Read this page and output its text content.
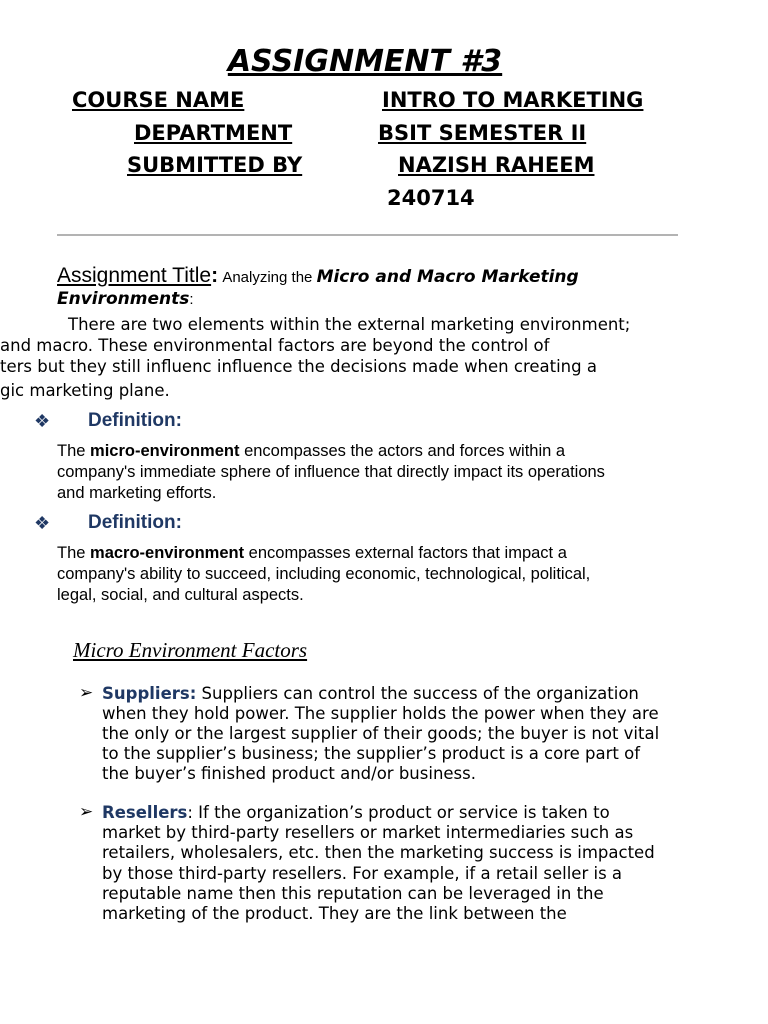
ASSIGNMENT #3
COURSE NAME	INTRO TO MARKETING
DEPARTMENT	BSIT SEMESTER II
SUBMITTED BY	NAZISH RAHEEM
240714
Assignment Title: Analyzing the Micro and Macro Marketing
Environments:
There are two elements within the external marketing environment;
and macro. These environmental factors are beyond the control of
ters but they still influenc influence the decisions made when creating a
gic marketing plane.
❖ Definition:
The micro-environment encompasses the actors and forces within a
company's immediate sphere of influence that directly impact its operations
and marketing efforts.
❖ Definition:
The macro-environment encompasses external factors that impact a
company's ability to succeed, including economic, technological, political,
legal, social, and cultural aspects.
Micro Environment Factors
➢ Suppliers: Suppliers can control the success of the organization
when they hold power. The supplier holds the power when they are
the only or the largest supplier of their goods; the buyer is not vital
to the supplier’s business; the supplier’s product is a core part of
the buyer’s finished product and/or business.
➢ Resellers: If the organization’s product or service is taken to
market by third-party resellers or market intermediaries such as
retailers, wholesalers, etc. then the marketing success is impacted
by those third-party resellers. For example, if a retail seller is a
reputable name then this reputation can be leveraged in the
marketing of the product. They are the link between the
